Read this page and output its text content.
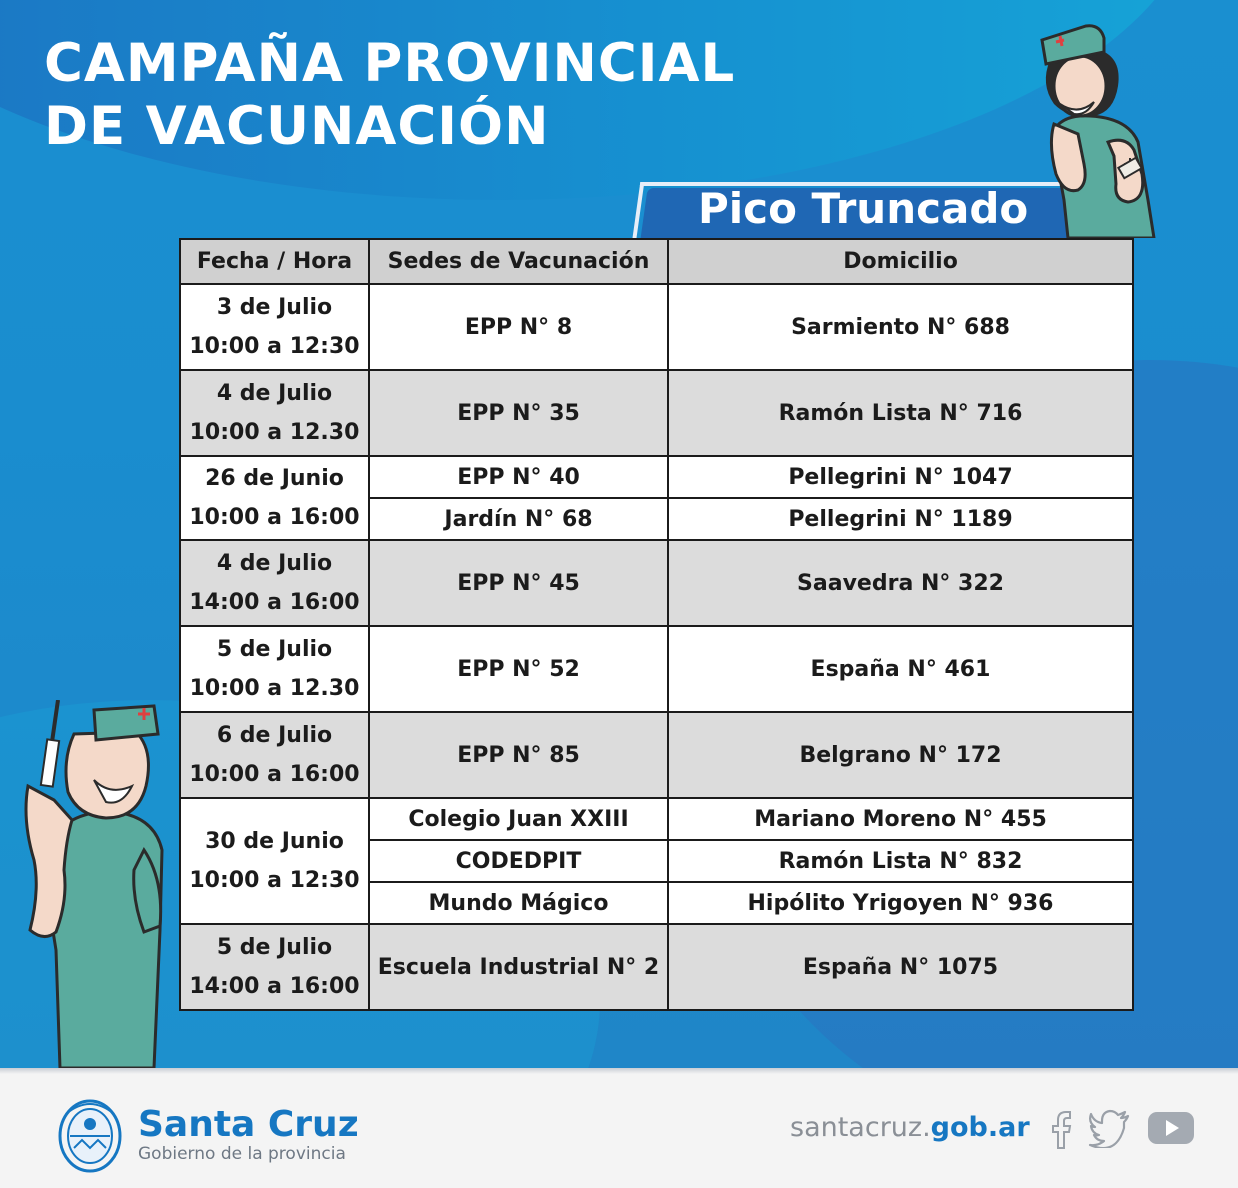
CAMPAÑA PROVINCIAL
DE VACUNACIÓN
Pico Truncado
Fecha / Hora	Sedes de Vacunación	Domicilio

3 de Julio
10:00 a 12:30	EPP N° 8	Sarmiento N° 688

4 de Julio
10:00 a 12.30	EPP N° 35	Ramón Lista N° 716

26 de Junio
10:00 a 16:00	EPP N° 40	Pellegrini N° 1047
	Jardín N° 68	Pellegrini N° 1189

4 de Julio
14:00 a 16:00	EPP N° 45	Saavedra N° 322

5 de Julio
10:00 a 12.30	EPP N° 52	España N° 461

6 de Julio
10:00 a 16:00	EPP N° 85	Belgrano N° 172

30 de Junio
10:00 a 12:30	Colegio Juan XXIII	Mariano Moreno N° 455
	CODEDPIT	Ramón Lista N° 832
	Mundo Mágico	Hipólito Yrigoyen N° 936

5 de Julio
14:00 a 16:00	Escuela Industrial N° 2	España N° 1075
Santa Cruz
Gobierno de la provincia
santacruz.gob.ar
